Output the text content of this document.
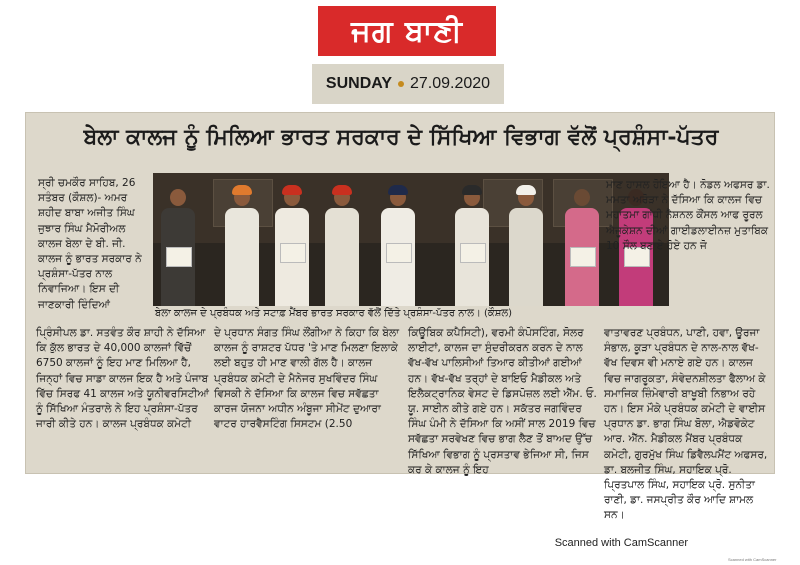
ਜਗ ਬਾਣੀ
SUNDAY 27.09.2020
ਬੇਲਾ ਕਾਲਜ ਨੂੰ ਮਿਲਿਆ ਭਾਰਤ ਸਰਕਾਰ ਦੇ ਸਿੱਖਿਆ ਵਿਭਾਗ ਵੱਲੋਂ ਪ੍ਰਸ਼ੰਸਾ-ਪੱਤਰ
ਸ੍ਰੀ ਚਮਕੌਰ ਸਾਹਿਬ, 26 ਸਤੰਬਰ (ਕੌਸ਼ਲ)- ਅਮਰ ਸ਼ਹੀਦ ਬਾਬਾ ਅਜੀਤ ਸਿੰਘ ਜੁਝਾਰ ਸਿੰਘ ਮੈਮੋਰੀਅਲ ਕਾਲਜ ਬੇਲਾ ਦੇ ਬੀ. ਜੀ. ਕਾਲਜ ਨੂੰ ਭਾਰਤ ਸਰਕਾਰ ਨੇ ਪ੍ਰਸ਼ੰਸਾ-ਪੱਤਰ ਨਾਲ ਨਿਵਾਜਿਆ। ਇਸ ਦੀ ਜਾਣਕਾਰੀ ਦਿੰਦਿਆਂ
ਮਾਣ ਹਾਸਲ ਹੋਇਆ ਹੈ। ਨੋਡਲ ਅਫਸਰ ਡਾ. ਮਮਤਾ ਅਰੋੜਾ ਨੇ ਦੱਸਿਆ ਕਿ ਕਾਲਜ ਵਿਚ ਮਹਾਤਮਾ ਗਾਂਧੀ ਨੈਸ਼ਨਲ ਕੌਂਸਲ ਆਫ ਰੂਰਲ ਐਜੂਕੇਸ਼ਨ ਦੀਆਂ ਗਾਈਡਲਾਈਨਜ਼ ਮੁਤਾਬਿਕ 10 ਸੌਲ ਬਣਾਏ ਹੋਏ ਹਨ ਜੋ
ਬੇਲਾ ਕਾਲਜ ਦੇ ਪ੍ਰਬੰਧਕ ਅਤੇ ਸਟਾਫ਼ ਮੈਂਬਰ ਭਾਰਤ ਸਰਕਾਰ ਵੱਲੋਂ ਦਿੱਤੇ ਪ੍ਰਸ਼ੰਸਾ-ਪੱਤਰ ਨਾਲ। (ਕੌਸ਼ਲ)
ਪ੍ਰਿੰਸੀਪਲ ਡਾ. ਸਤਵੰਤ ਕੌਰ ਸ਼ਾਹੀ ਨੇ ਦੱਸਿਆ ਕਿ ਕੁੱਲ ਭਾਰਤ ਦੇ 40,000 ਕਾਲਜਾਂ ਵਿੱਚੋਂ 6750 ਕਾਲਜਾਂ ਨੂੰ ਇਹ ਮਾਣ ਮਿਲਿਆ ਹੈ, ਜਿਨ੍ਹਾਂ ਵਿਚ ਸਾਡਾ ਕਾਲਜ ਇਕ ਹੈ ਅਤੇ ਪੰਜਾਬ ਵਿੱਚ ਸਿਰਫ 41 ਕਾਲਜ ਅਤੇ ਯੂਨੀਵਰਸਿਟੀਆਂ ਨੂੰ ਸਿੱਖਿਆ ਮੰਤਰਾਲੇ ਨੇ ਇਹ ਪ੍ਰਸ਼ੰਸਾ-ਪੱਤਰ ਜਾਰੀ ਕੀਤੇ ਹਨ। ਕਾਲਜ ਪ੍ਰਬੰਧਕ ਕਮੇਟੀ
ਦੇ ਪ੍ਰਧਾਨ ਸੰਗਤ ਸਿੰਘ ਲੌਂਗੀਆ ਨੇ ਕਿਹਾ ਕਿ ਬੇਲਾ ਕਾਲਜ ਨੂੰ ਰਾਸ਼ਟਰ ਪੱਧਰ 'ਤੇ ਮਾਣ ਮਿਲਣਾ ਇਲਾਕੇ ਲਈ ਬਹੁਤ ਹੀ ਮਾਣ ਵਾਲੀ ਗੱਲ ਹੈ। ਕਾਲਜ ਪ੍ਰਬੰਧਕ ਕਮੇਟੀ ਦੇ ਮੈਨੇਜਰ ਸੁਖਵਿੰਦਰ ਸਿੰਘ ਵਿਸਕੀ ਨੇ ਦੱਸਿਆ ਕਿ ਕਾਲਜ ਵਿਚ ਸਵੱਛਤਾ ਕਾਰਜ ਯੋਜਨਾ ਅਧੀਨ ਅੰਬੂਜਾ ਸੀਮੇਂਟ ਦੁਆਰਾ ਵਾਟਰ ਹਾਰਵੈਸਟਿੰਗ ਸਿਸਟਮ (2.50
ਕਿਊਬਿਕ ਕਪੈਸਿਟੀ), ਵਰਮੀ ਕੰਪੋਸਟਿੰਗ, ਸੋਲਰ ਲਾਈਟਾਂ, ਕਾਲਜ ਦਾ ਸੁੰਦਰੀਕਰਨ ਕਰਨ ਦੇ ਨਾਲ ਵੱਖ-ਵੱਖ ਪਾਲਿਸੀਆਂ ਤਿਆਰ ਕੀਤੀਆਂ ਗਈਆਂ ਹਨ। ਵੱਖ-ਵੱਖ ਤਰ੍ਹਾਂ ਦੇ ਬਾਇਓ ਮੈਡੀਕਲ ਅਤੇ ਇਲੈਕਟ੍ਰਾਨਿਕ ਵੇਸਟ ਦੇ ਡਿਸਪੋਜ਼ਲ ਲਈ ਐੱਮ. ਓ. ਯੂ. ਸਾਈਨ ਕੀਤੇ ਗਏ ਹਨ। ਸਕੱਤਰ ਜਗਵਿੰਦਰ ਸਿੰਘ ਪੰਮੀ ਨੇ ਦੱਸਿਆ ਕਿ ਅਸੀਂ ਸਾਲ 2019 ਵਿਚ ਸਵੱਛਤਾ ਸਰਵੇਖਣ ਵਿਚ ਭਾਗ ਲੈਣ ਤੋਂ ਬਾਅਦ ਉੱਚ ਸਿੱਖਿਆ ਵਿਭਾਗ ਨੂੰ ਪ੍ਰਸਤਾਵ ਭੇਜਿਆ ਸੀ, ਜਿਸ ਕਰ ਕੇ ਕਾਲਜ ਨੂੰ ਇਹ
ਵਾਤਾਵਰਣ ਪ੍ਰਬੰਧਨ, ਪਾਣੀ, ਹਵਾ, ਊਰਜਾ ਸੰਭਾਲ, ਕੂੜਾ ਪ੍ਰਬੰਧਨ ਦੇ ਨਾਲ-ਨਾਲ ਵੱਖ-ਵੱਖ ਦਿਵਸ ਵੀ ਮਨਾਏ ਗਏ ਹਨ। ਕਾਲਜ ਵਿਚ ਜਾਗਰੂਕਤਾ, ਸੰਵੇਦਨਸ਼ੀਲਤਾ ਫੈਲਾਅ ਕੇ ਸਮਾਜਿਕ ਜ਼ਿੰਮੇਵਾਰੀ ਬਾਖੂਬੀ ਨਿਭਾਅ ਰਹੇ ਹਨ। ਇਸ ਮੌਕੇ ਪ੍ਰਬੰਧਕ ਕਮੇਟੀ ਦੇ ਵਾਈਸ ਪ੍ਰਧਾਨ ਡਾ. ਭਾਗ ਸਿੰਘ ਬੋਲਾ, ਐਡਵੋਕੇਟ ਆਰ. ਐੱਨ. ਮੈਡੀਕਲ ਮੈਂਬਰ ਪ੍ਰਬੰਧਕ ਕਮੇਟੀ, ਗੁਰਮੁੱਖ ਸਿੰਘ ਡਿਵੈਲਪਮੈਂਟ ਅਫਸਰ, ਡਾ. ਬਲਜੀਤ ਸਿੰਘ, ਸਹਾਇਕ ਪ੍ਰੋ. ਪ੍ਰਿਤਪਾਲ ਸਿੰਘ, ਸਹਾਇਕ ਪ੍ਰੋ. ਸੁਨੀਤਾ ਰਾਣੀ, ਡਾ. ਜਸਪ੍ਰੀਤ ਕੌਰ ਆਦਿ ਸ਼ਾਮਲ ਸਨ।
Scanned with CamScanner
Scanned with CamScanner
